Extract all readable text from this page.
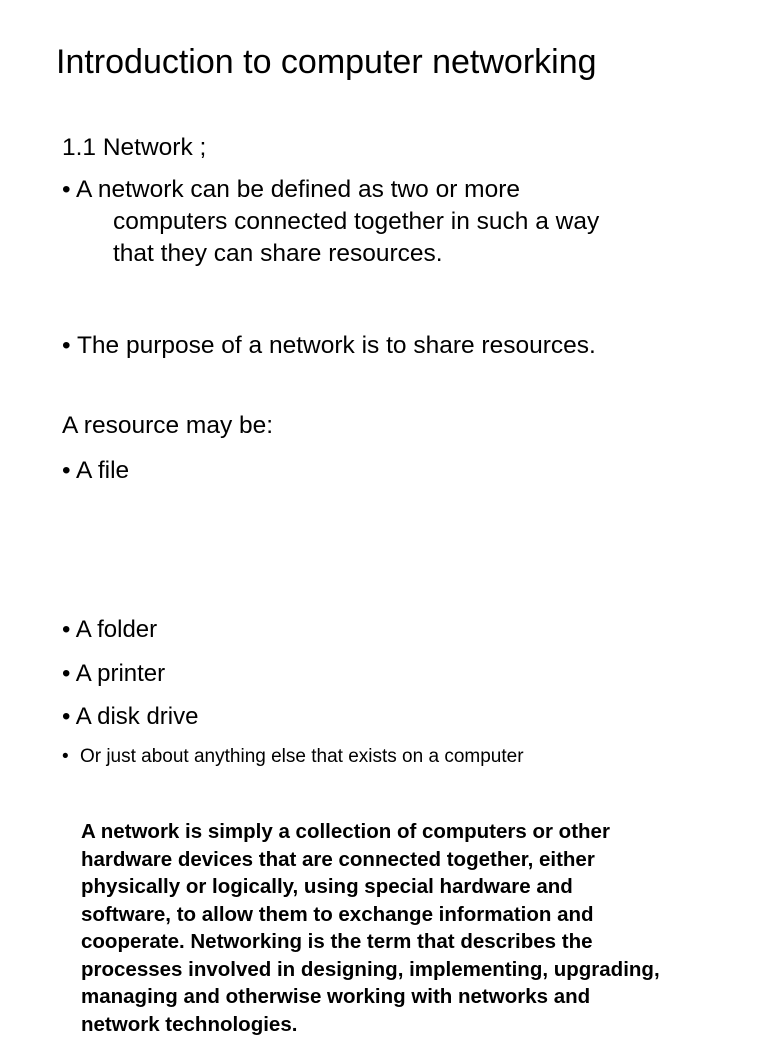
Introduction to computer networking
1.1 Network ;
• A network can be defined as two or more
computers connected together in such a way
that they can share resources.
• The purpose of a network is to share resources.
A resource may be:
• A file
• A folder
• A printer
• A disk drive
• Or just about anything else that exists on a computer
A network is simply a collection of computers or other
hardware devices that are connected together, either
physically or logically, using special hardware and
software, to allow them to exchange information and
cooperate. Networking is the term that describes the
processes involved in designing, implementing, upgrading,
managing and otherwise working with networks and
network technologies.
